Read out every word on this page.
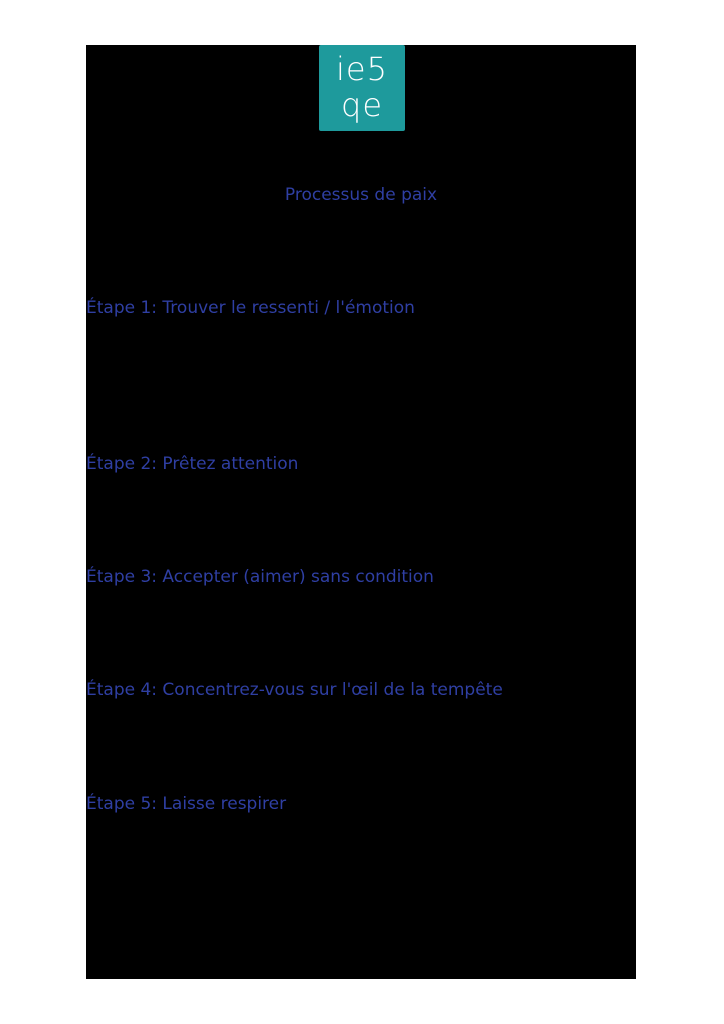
ie5
qe
Processus de paix
Étape 1: Trouver le ressenti / l'émotion
Étape 2: Prêtez attention
Étape 3: Accepter (aimer) sans condition
Étape 4: Concentrez-vous sur l'œil de la tempête
Étape 5: Laisse respirer
